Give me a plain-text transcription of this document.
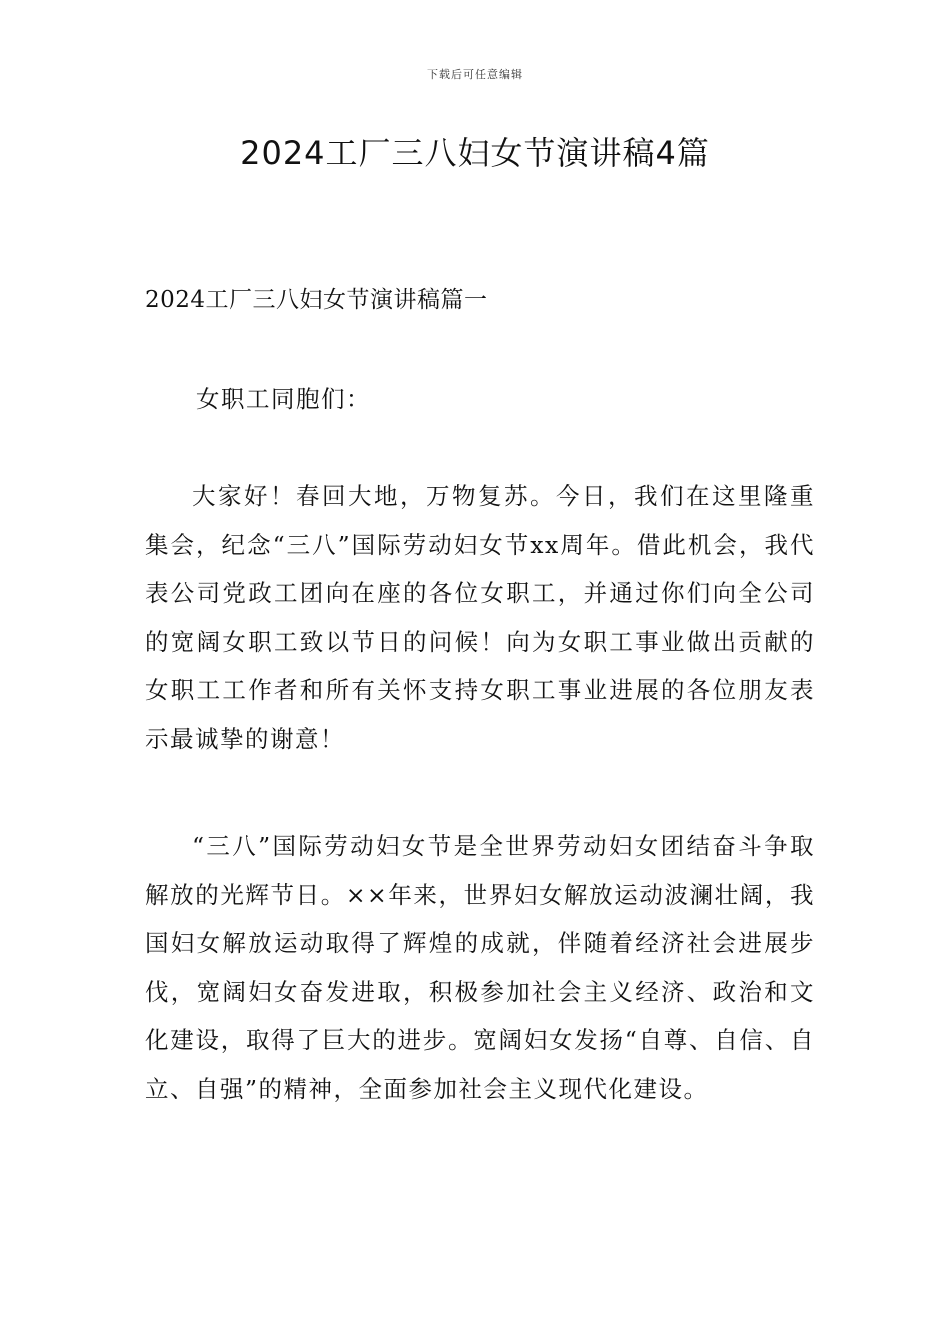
下载后可任意编辑
2024工厂三八妇女节演讲稿4篇
2024工厂三八妇女节演讲稿篇一
女职工同胞们：

大家好！春回大地，万物复苏。今日，我们在这里隆重集会，纪念“三八”国际劳动妇女节xx周年。借此机会，我代表公司党政工团向在座的各位女职工，并通过你们向全公司的宽阔女职工致以节日的问候！向为女职工事业做出贡献的女职工工作者和所有关怀支持女职工事业进展的各位朋友表示最诚挚的谢意！

“三八”国际劳动妇女节是全世界劳动妇女团结奋斗争取解放的光辉节日。××年来，世界妇女解放运动波澜壮阔，我国妇女解放运动取得了辉煌的成就，伴随着经济社会进展步伐，宽阔妇女奋发进取，积极参加社会主义经济、政治和文化建设，取得了巨大的进步。宽阔妇女发扬“自尊、自信、自立、自强”的精神，全面参加社会主义现代化建设。
